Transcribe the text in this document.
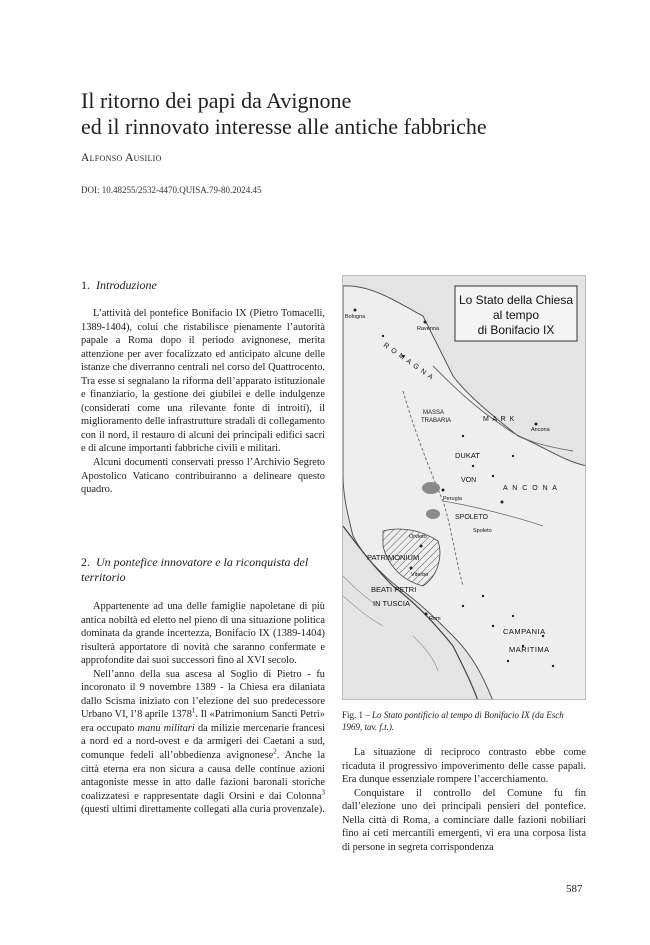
Il ritorno dei papi da Avignone
ed il rinnovato interesse alle antiche fabbriche
Alfonso Ausilio
DOI: 10.48255/2532-4470.QUISA.79-80.2024.45
1. Introduzione

L’attività del pontefice Bonifacio IX (Pietro Tomacelli, 1389-1404), colui che ristabilisce pienamente l’autorità papale a Roma dopo il periodo avignonese, merita attenzione per aver focalizzato ed anticipato alcune delle istanze che diverranno centrali nel corso del Quattrocento. Tra esse si segnalano la riforma dell’apparato istituzionale e finanziario, la gestione dei giubilei e delle indulgenze (considerati come una rilevante fonte di introiti), il miglioramento delle infrastrutture stradali di collegamento con il nord, il restauro di alcuni dei principali edifici sacri e di alcune importanti fabbriche civili e militari.

Alcuni documenti conservati presso l’Archivio Segreto Apostolico Vaticano contribuiranno a delineare questo quadro.

2. Un pontefice innovatore e la riconquista del territorio

Appartenente ad una delle famiglie napoletane di più antica nobiltà ed eletto nel pieno di una situazione politica dominata da grande incertezza, Bonifacio IX (1389-1404) risulterà apportatore di novità che saranno confermate e approfondite dai suoi successori fino al XVI secolo.

Nell’anno della sua ascesa al Soglio di Pietro - fu incoronato il 9 novembre 1389 - la Chiesa era dilaniata dallo Scisma iniziato con l’elezione del suo predecessore Urbano VI, l’8 aprile 1378$^1$. Il «Patrimonium Sancti Petri» era occupato manu militari da milizie mercenarie francesi a nord ed a nord-ovest e da armigeri dei Caetani a sud, comunque fedeli all’obbedienza avignonese$^2$. Anche la città eterna era non sicura a causa delle continue azioni antagoniste messe in atto dalle fazioni baronali storiche coalizzatesi e rappresentate dagli Orsini e dai Colonna$^3$ (questi ultimi direttamente collegati alla curia provenzale).

Lo Stato della Chiesa
al tempo
di Bonifacio IX
Bologna
Ravenna
R O M A G N A
MASSA
TRABARIA	M A R K
Ancona
DUKAT
VON
A N C O N A
Perugia
SPOLETO
Spoleto
Orvieto
PATRIMONIUM
Viterbo
BEATI PETRI
IN TUSCIA
Rom
CAMPANIA
MARITIMA
Fig. 1 – Lo Stato pontificio al tempo di Bonifacio IX (da Esch 1969, tav. f.t.).

La situazione di reciproco contrasto ebbe come ricaduta il progressivo impoverimento delle casse papali. Era dunque essenziale rompere l’accerchiamento.

Conquistare il controllo del Comune fu fin dall’elezione uno dei principali pensieri del pontefice. Nella città di Roma, a cominciare dalle fazioni nobiliari fino ai ceti mercantili emergenti, vi era una corposa lista di persone in segreta corrispondenza

587
